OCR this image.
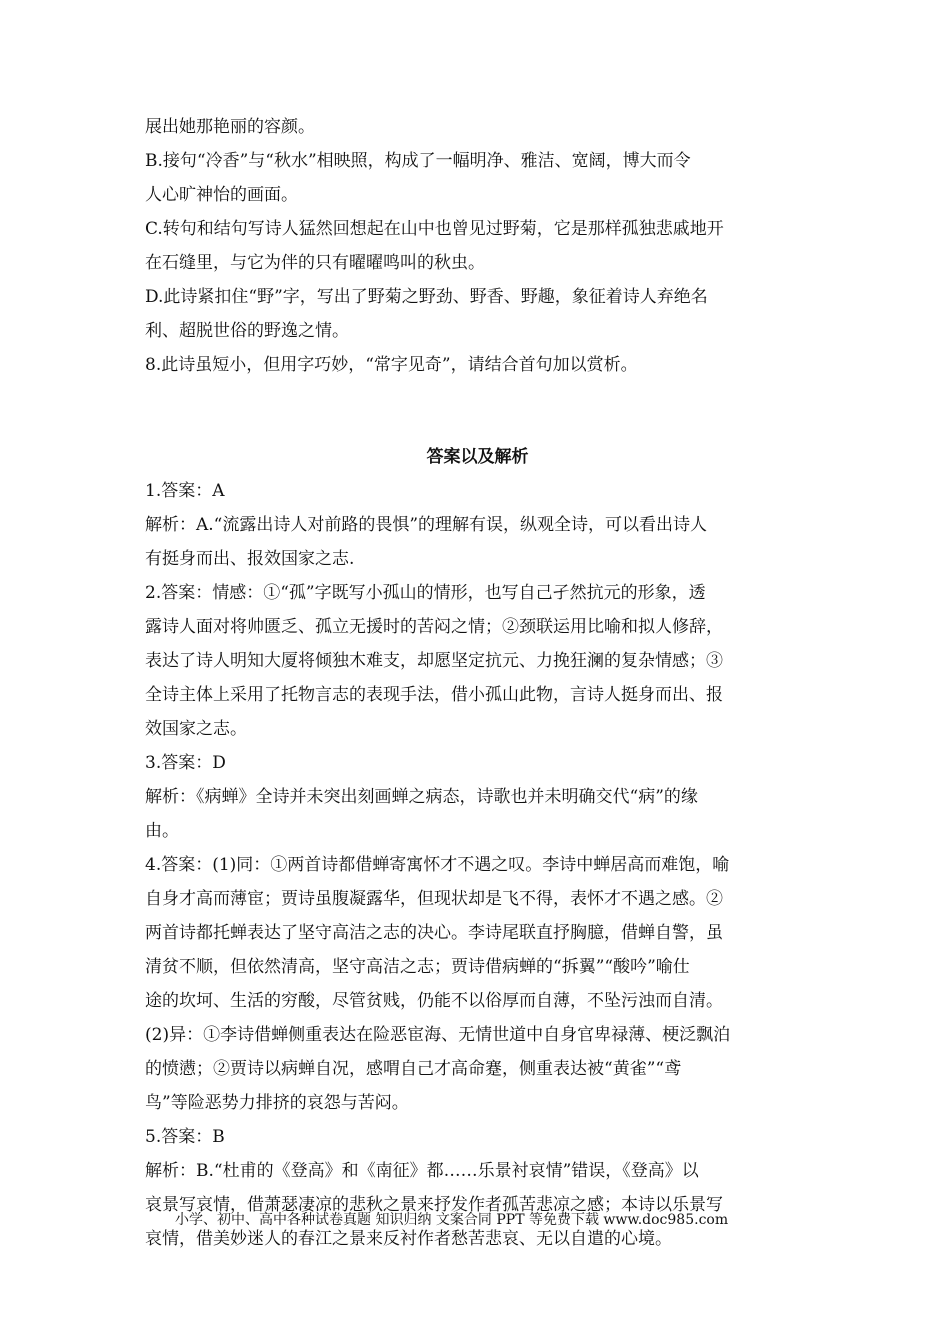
展出她那艳丽的容颜。

B.接句“冷香”与“秋水”相映照，构成了一幅明净、雅洁、宽阔，博大而令

人心旷神怡的画面。

C.转句和结句写诗人猛然回想起在山中也曾见过野菊，它是那样孤独悲戚地开

在石缝里，与它为伴的只有曜曜鸣叫的秋虫。

D.此诗紧扣住“野”字，写出了野菊之野劲、野香、野趣，象征着诗人弃绝名

利、超脱世俗的野逸之情。

8.此诗虽短小，但用字巧妙，“常字见奇”，请结合首句加以赏析。

答案以及解析

1.答案：A

解析：A.“流露出诗人对前路的畏惧”的理解有误，纵观全诗，可以看出诗人

有挺身而出、报效国家之志.

2.答案：情感：①“孤”字既写小孤山的情形，也写自己孑然抗元的形象，透

露诗人面对将帅匮乏、孤立无援时的苦闷之情；②颈联运用比喻和拟人修辞，

表达了诗人明知大厦将倾独木难支，却愿坚定抗元、力挽狂澜的复杂情感；③

全诗主体上采用了托物言志的表现手法，借小孤山此物，言诗人挺身而出、报

效国家之志。

3.答案：D

解析：《病蝉》全诗并未突出刻画蝉之病态，诗歌也并未明确交代“病”的缘

由。

4.答案：(1)同：①两首诗都借蝉寄寓怀才不遇之叹。李诗中蝉居高而难饱，喻

自身才高而薄宦；贾诗虽腹凝露华，但现状却是飞不得，表怀才不遇之感。②

两首诗都托蝉表达了坚守高洁之志的决心。李诗尾联直抒胸臆，借蝉自警，虽

清贫不顺，但依然清高，坚守高洁之志；贾诗借病蝉的“拆翼”“酸吟”喻仕

途的坎坷、生活的穷酸，尽管贫贱，仍能不以俗厚而自薄，不坠污浊而自清。

(2)异：①李诗借蝉侧重表达在险恶宦海、无情世道中自身官卑禄薄、梗泛飘泊

的愤懑；②贾诗以病蝉自况，感喟自己才高命蹇，侧重表达被“黄雀”“鸢

鸟”等险恶势力排挤的哀怨与苦闷。

5.答案：B

解析：B.“杜甫的《登高》和《南征》都……乐景衬哀情”错误，《登高》以

哀景写哀情，借萧瑟凄凉的悲秋之景来抒发作者孤苦悲凉之感；本诗以乐景写

哀情，借美妙迷人的春江之景来反衬作者愁苦悲哀、无以自遣的心境。

小学、初中、高中各种试卷真题 知识归纳 文案合同 PPT 等免费下载 www.doc985.com
